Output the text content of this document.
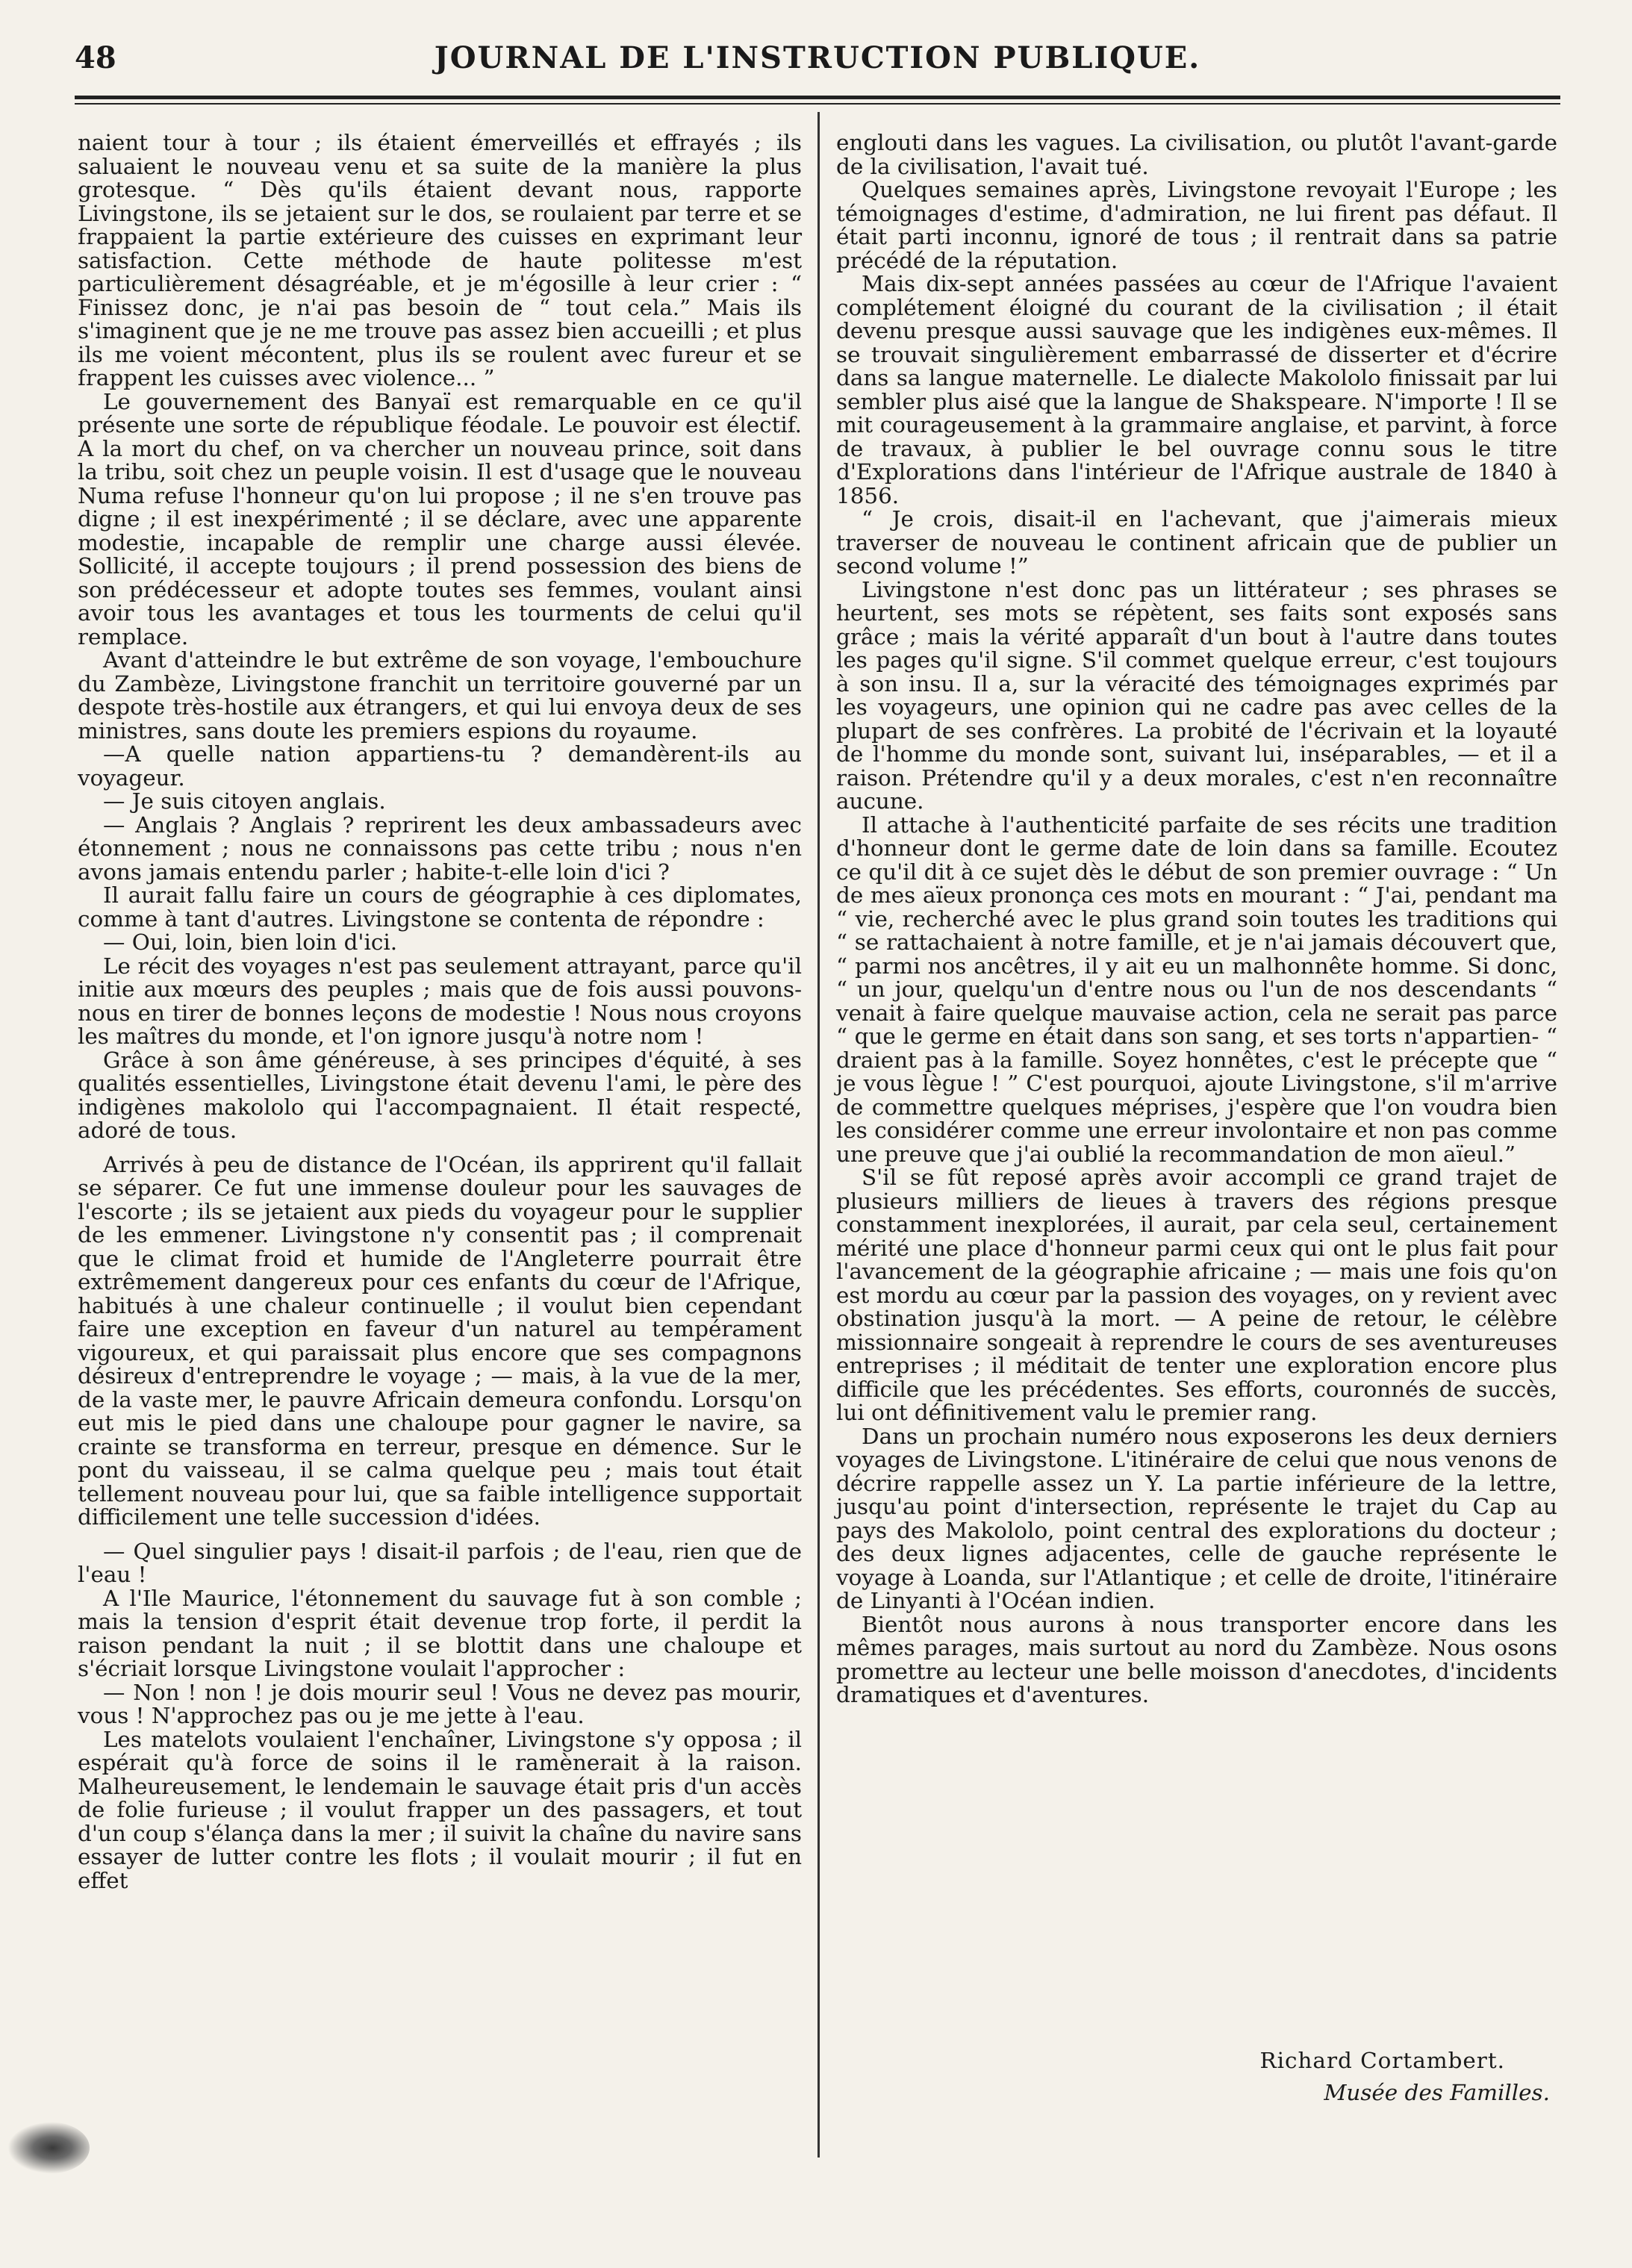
48	JOURNAL DE L'INSTRUCTION PUBLIQUE.

naient tour à tour ; ils étaient émerveillés et effrayés ; ils saluaient le nouveau venu et sa suite de la manière la plus grotesque. “ Dès qu'ils étaient devant nous, rapporte Livingstone, ils se jetaient sur le dos, se roulaient par terre et se frappaient la partie extérieure des cuisses en exprimant leur satisfaction. Cette méthode de haute politesse m'est particulièrement désagréable, et je m'égosille à leur crier : “ Finissez donc, je n'ai pas besoin de “ tout cela.” Mais ils s'imaginent que je ne me trouve pas assez bien accueilli ; et plus ils me voient mécontent, plus ils se roulent avec fureur et se frappent les cuisses avec violence... ”

Le gouvernement des Banyaï est remarquable en ce qu'il présente une sorte de république féodale. Le pouvoir est électif. A la mort du chef, on va chercher un nouveau prince, soit dans la tribu, soit chez un peuple voisin. Il est d'usage que le nouveau Numa refuse l'honneur qu'on lui propose ; il ne s'en trouve pas digne ; il est inexpérimenté ; il se déclare, avec une apparente modestie, incapable de remplir une charge aussi élevée. Sollicité, il accepte toujours ; il prend possession des biens de son prédécesseur et adopte toutes ses femmes, voulant ainsi avoir tous les avantages et tous les tourments de celui qu'il remplace.

Avant d'atteindre le but extrême de son voyage, l'embouchure du Zambèze, Livingstone franchit un territoire gouverné par un despote très-hostile aux étrangers, et qui lui envoya deux de ses ministres, sans doute les premiers espions du royaume.

—A quelle nation appartiens-tu ? demandèrent-ils au voyageur.

— Je suis citoyen anglais.

— Anglais ? Anglais ? reprirent les deux ambassadeurs avec étonnement ; nous ne connaissons pas cette tribu ; nous n'en avons jamais entendu parler ; habite-t-elle loin d'ici ?

Il aurait fallu faire un cours de géographie à ces diplomates, comme à tant d'autres. Livingstone se contenta de répondre :

— Oui, loin, bien loin d'ici.

Le récit des voyages n'est pas seulement attrayant, parce qu'il initie aux mœurs des peuples ; mais que de fois aussi pouvons-nous en tirer de bonnes leçons de modestie ! Nous nous croyons les maîtres du monde, et l'on ignore jusqu'à notre nom !

Grâce à son âme généreuse, à ses principes d'équité, à ses qualités essentielles, Livingstone était devenu l'ami, le père des indigènes makololo qui l'accompagnaient. Il était respecté, adoré de tous.

Arrivés à peu de distance de l'Océan, ils apprirent qu'il fallait se séparer. Ce fut une immense douleur pour les sauvages de l'escorte ; ils se jetaient aux pieds du voyageur pour le supplier de les emmener. Livingstone n'y consentit pas ; il comprenait que le climat froid et humide de l'Angleterre pourrait être extrêmement dangereux pour ces enfants du cœur de l'Afrique, habitués à une chaleur continuelle ; il voulut bien cependant faire une exception en faveur d'un naturel au tempérament vigoureux, et qui paraissait plus encore que ses compagnons désireux d'entreprendre le voyage ; — mais, à la vue de la mer, de la vaste mer, le pauvre Africain demeura confondu. Lorsqu'on eut mis le pied dans une chaloupe pour gagner le navire, sa crainte se transforma en terreur, presque en démence. Sur le pont du vaisseau, il se calma quelque peu ; mais tout était tellement nouveau pour lui, que sa faible intelligence supportait difficilement une telle succession d'idées.

— Quel singulier pays ! disait-il parfois ; de l'eau, rien que de l'eau !

A l'Ile Maurice, l'étonnement du sauvage fut à son comble ; mais la tension d'esprit était devenue trop forte, il perdit la raison pendant la nuit ; il se blottit dans une chaloupe et s'écriait lorsque Livingstone voulait l'approcher :

— Non ! non ! je dois mourir seul ! Vous ne devez pas mourir, vous ! N'approchez pas ou je me jette à l'eau.

Les matelots voulaient l'enchaîner, Livingstone s'y opposa ; il espérait qu'à force de soins il le ramènerait à la raison. Malheureusement, le lendemain le sauvage était pris d'un accès de folie furieuse ; il voulut frapper un des passagers, et tout d'un coup s'élança dans la mer ; il suivit la chaîne du navire sans essayer de lutter contre les flots ; il voulait mourir ; il fut en effet

englouti dans les vagues. La civilisation, ou plutôt l'avant-garde de la civilisation, l'avait tué.

Quelques semaines après, Livingstone revoyait l'Europe ; les témoignages d'estime, d'admiration, ne lui firent pas défaut. Il était parti inconnu, ignoré de tous ; il rentrait dans sa patrie précédé de la réputation.

Mais dix-sept années passées au cœur de l'Afrique l'avaient complétement éloigné du courant de la civilisation ; il était devenu presque aussi sauvage que les indigènes eux-mêmes. Il se trouvait singulièrement embarrassé de disserter et d'écrire dans sa langue maternelle. Le dialecte Makololo finissait par lui sembler plus aisé que la langue de Shakspeare. N'importe ! Il se mit courageusement à la grammaire anglaise, et parvint, à force de travaux, à publier le bel ouvrage connu sous le titre d'Explorations dans l'intérieur de l'Afrique australe de 1840 à 1856.

“ Je crois, disait-il en l'achevant, que j'aimerais mieux traverser de nouveau le continent africain que de publier un second volume !”

Livingstone n'est donc pas un littérateur ; ses phrases se heurtent, ses mots se répètent, ses faits sont exposés sans grâce ; mais la vérité apparaît d'un bout à l'autre dans toutes les pages qu'il signe. S'il commet quelque erreur, c'est toujours à son insu. Il a, sur la véracité des témoignages exprimés par les voyageurs, une opinion qui ne cadre pas avec celles de la plupart de ses confrères. La probité de l'écrivain et la loyauté de l'homme du monde sont, suivant lui, inséparables, — et il a raison. Prétendre qu'il y a deux morales, c'est n'en reconnaître aucune.

Il attache à l'authenticité parfaite de ses récits une tradition d'honneur dont le germe date de loin dans sa famille. Ecoutez ce qu'il dit à ce sujet dès le début de son premier ouvrage : “ Un de mes aïeux prononça ces mots en mourant : “ J'ai, pendant ma “ vie, recherché avec le plus grand soin toutes les traditions qui “ se rattachaient à notre famille, et je n'ai jamais découvert que, “ parmi nos ancêtres, il y ait eu un malhonnête homme. Si donc, “ un jour, quelqu'un d'entre nous ou l'un de nos descendants “ venait à faire quelque mauvaise action, cela ne serait pas parce “ que le germe en était dans son sang, et ses torts n'appartien- “ draient pas à la famille. Soyez honnêtes, c'est le précepte que “ je vous lègue ! ” C'est pourquoi, ajoute Livingstone, s'il m'arrive de commettre quelques méprises, j'espère que l'on voudra bien les considérer comme une erreur involontaire et non pas comme une preuve que j'ai oublié la recommandation de mon aïeul.”

S'il se fût reposé après avoir accompli ce grand trajet de plusieurs milliers de lieues à travers des régions presque constamment inexplorées, il aurait, par cela seul, certainement mérité une place d'honneur parmi ceux qui ont le plus fait pour l'avancement de la géographie africaine ; — mais une fois qu'on est mordu au cœur par la passion des voyages, on y revient avec obstination jusqu'à la mort. — A peine de retour, le célèbre missionnaire songeait à reprendre le cours de ses aventureuses entreprises ; il méditait de tenter une exploration encore plus difficile que les précédentes. Ses efforts, couronnés de succès, lui ont définitivement valu le premier rang.

Dans un prochain numéro nous exposerons les deux derniers voyages de Livingstone. L'itinéraire de celui que nous venons de décrire rappelle assez un Y. La partie inférieure de la lettre, jusqu'au point d'intersection, représente le trajet du Cap au pays des Makololo, point central des explorations du docteur ; des deux lignes adjacentes, celle de gauche représente le voyage à Loanda, sur l'Atlantique ; et celle de droite, l'itinéraire de Linyanti à l'Océan indien.

Bientôt nous aurons à nous transporter encore dans les mêmes parages, mais surtout au nord du Zambèze. Nous osons promettre au lecteur une belle moisson d'anecdotes, d'incidents dramatiques et d'aventures.

Richard Cortambert.
Musée des Familles.
